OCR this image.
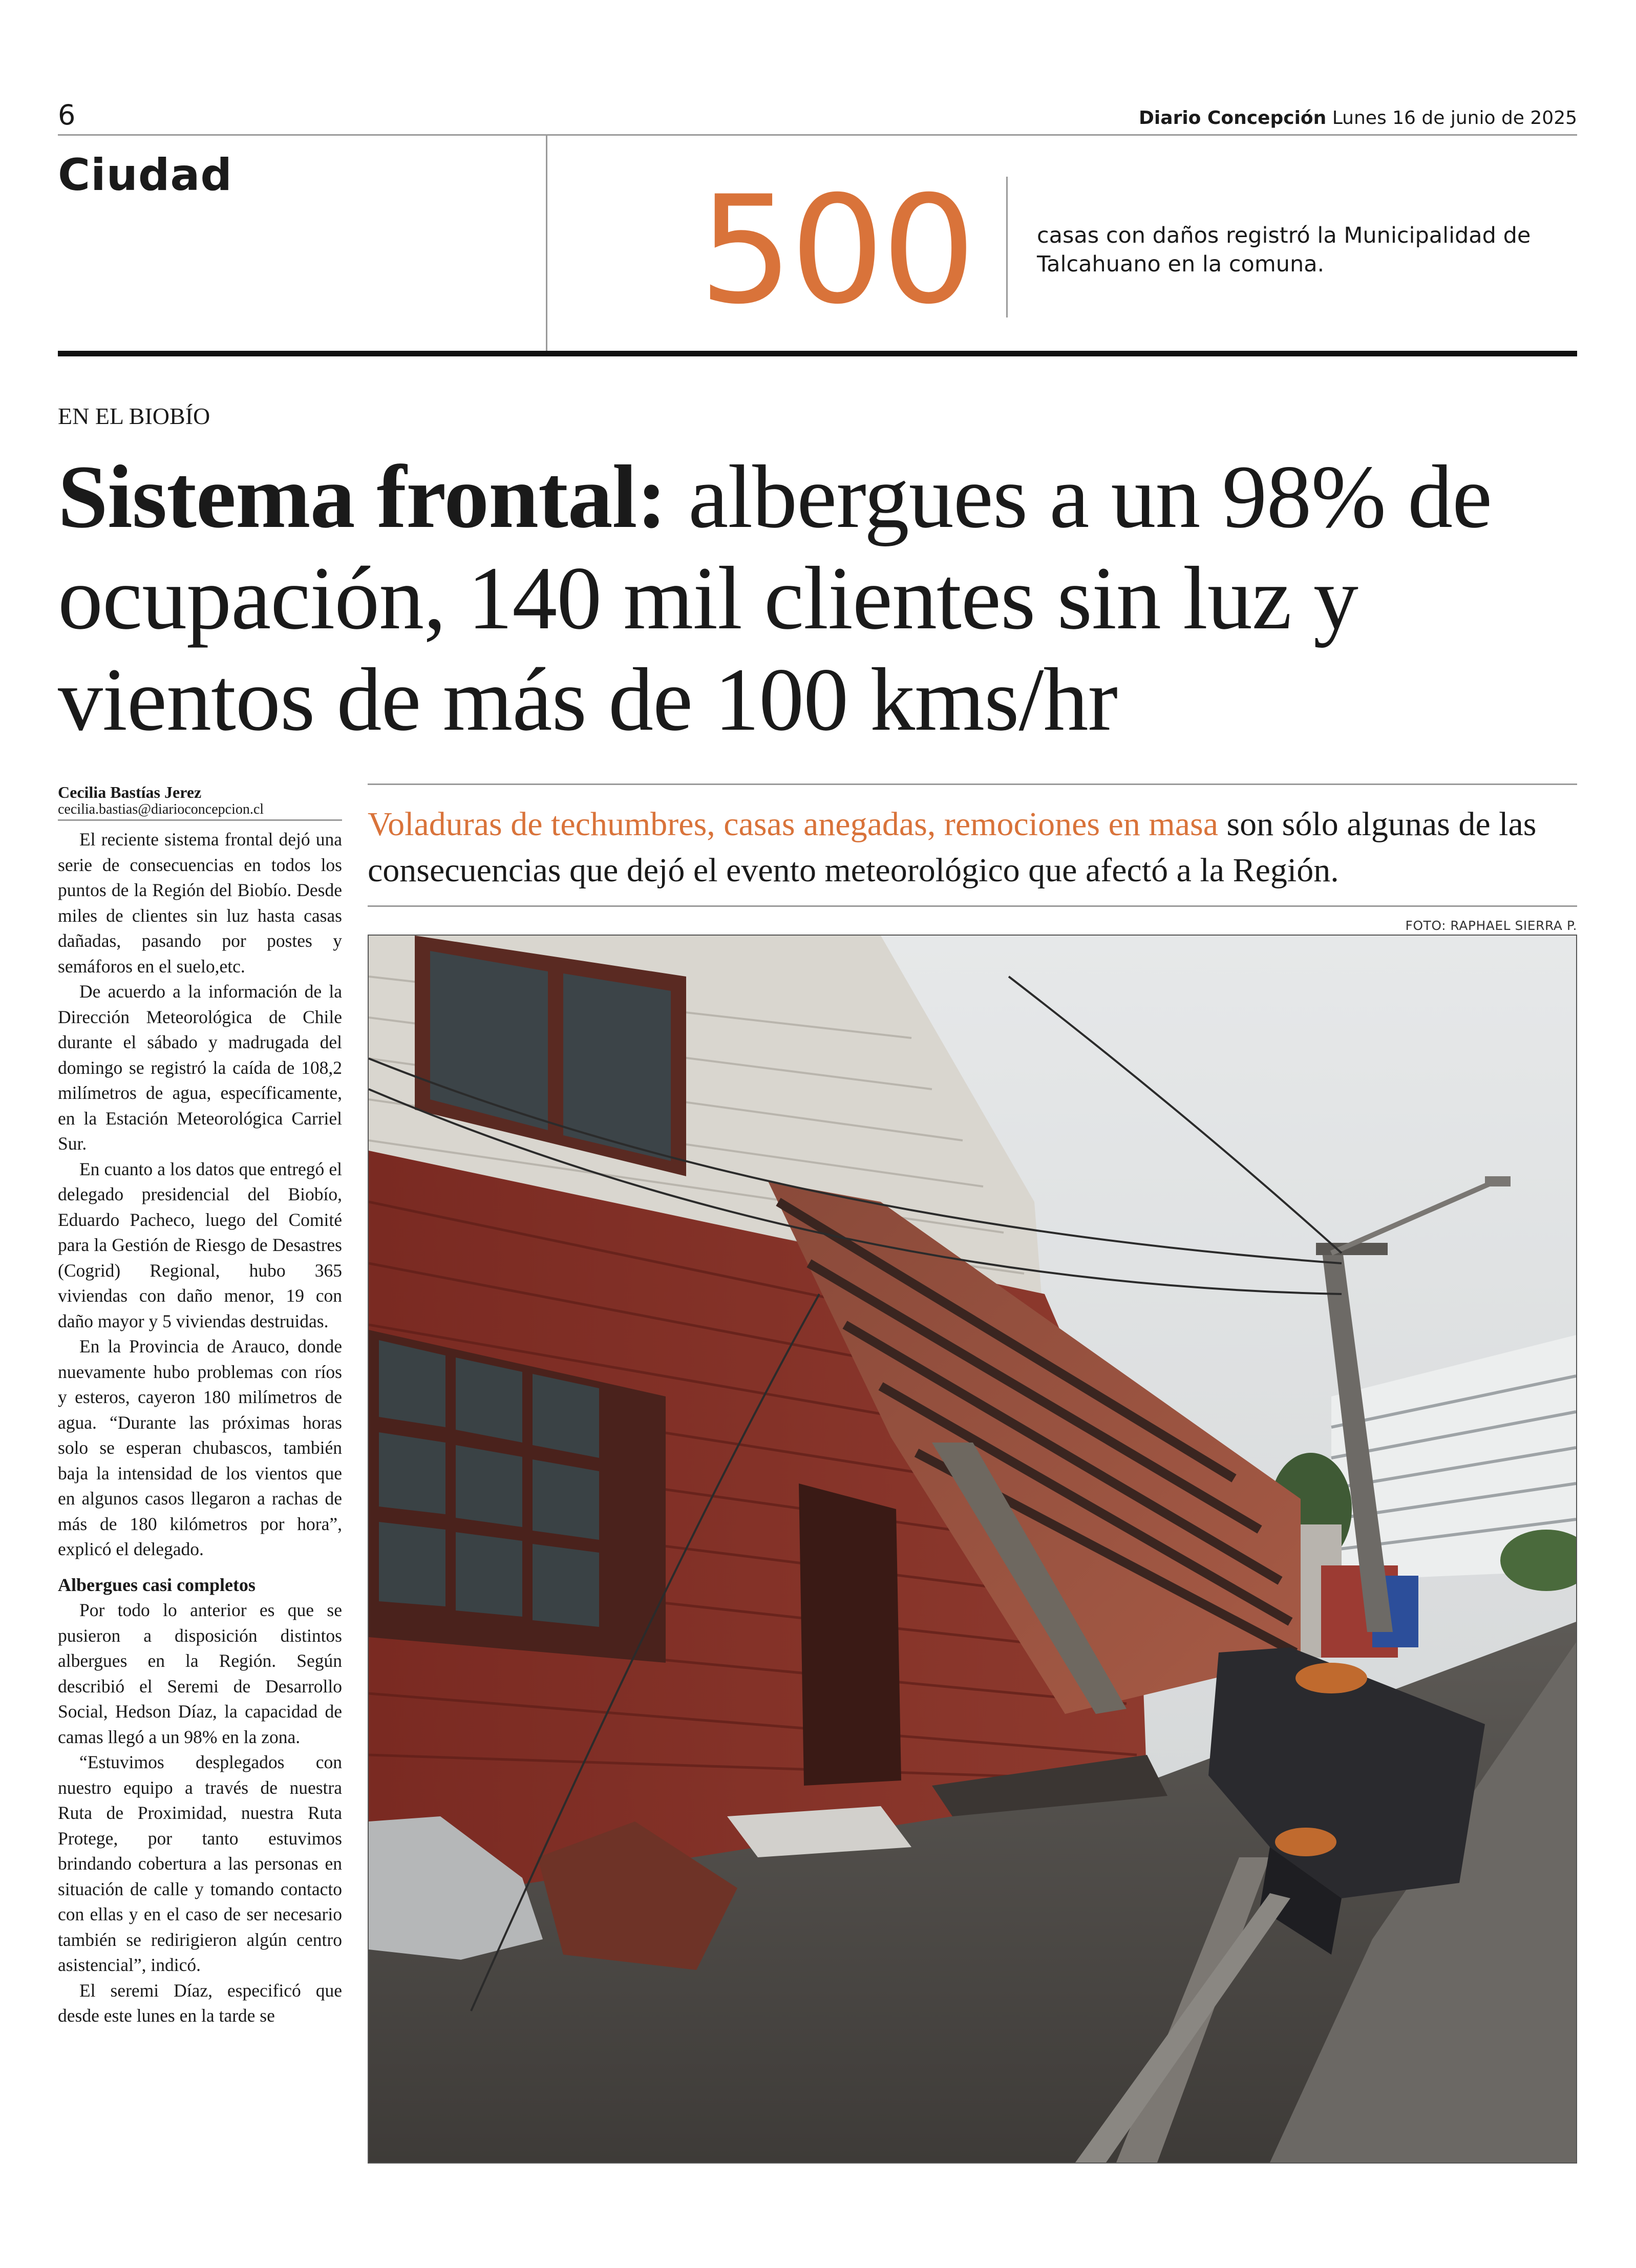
6	Diario Concepción Lunes 16 de junio de 2025
Ciudad	500	casas con daños registró la Municipalidad de Talcahuano en la comuna.
EN EL BIOBÍO
Sistema frontal: albergues a un 98% de ocupación, 140 mil clientes sin luz y vientos de más de 100 kms/hr
Cecilia Bastías Jerez
cecilia.bastias@diarioconcepcion.cl

El reciente sistema frontal dejó una serie de consecuencias en todos los puntos de la Región del Biobío. Desde miles de clientes sin luz hasta casas dañadas, pasando por postes y semáforos en el suelo,etc.

De acuerdo a la información de la Dirección Meteorológica de Chile durante el sábado y madrugada del domingo se registró la caída de 108,2 milímetros de agua, específicamente, en la Estación Meteorológica Carriel Sur.

En cuanto a los datos que entregó el delegado presidencial del Biobío, Eduardo Pacheco, luego del Comité para la Gestión de Riesgo de Desastres (Cogrid) Regional, hubo 365 viviendas con daño menor, 19 con daño mayor y 5 viviendas destruidas.

En la Provincia de Arauco, donde nuevamente hubo problemas con ríos y esteros, cayeron 180 milímetros de agua. “Durante las próximas horas solo se esperan chubascos, también baja la intensidad de los vientos que en algunos casos llegaron a rachas de más de 180 kilómetros por hora”, explicó el delegado.

Albergues casi completos

Por todo lo anterior es que se pusieron a disposición distintos albergues en la Región. Según describió el Seremi de Desarrollo Social, Hedson Díaz, la capacidad de camas llegó a un 98% en la zona.

“Estuvimos desplegados con nuestro equipo a través de nuestra Ruta de Proximidad, nuestra Ruta Protege, por tanto estuvimos brindando cobertura a las personas en situación de calle y tomando contacto con ellas y en el caso de ser necesario también se redirigieron algún centro asistencial”, indicó.

El seremi Díaz, especificó que desde este lunes en la tarde se

Voladuras de techumbres, casas anegadas, remociones en masa son sólo algunas de las consecuencias que dejó el evento meteorológico que afectó a la Región.
FOTO: RAPHAEL SIERRA P.
